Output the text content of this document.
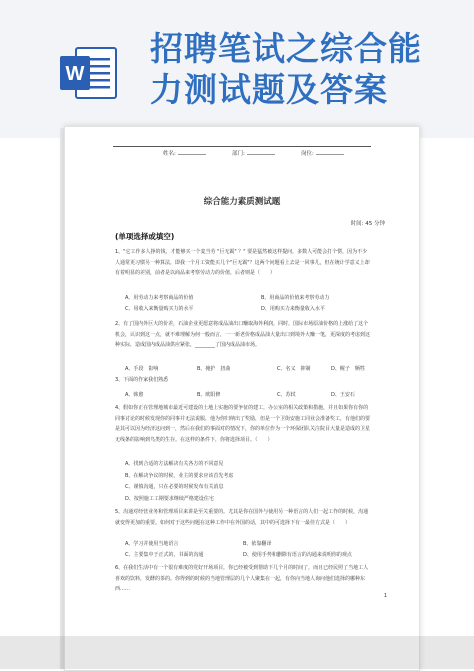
W
招聘笔试之综合能
力测试题及答案
姓名:	部门:	岗位:
综合能力素质测试题
时间: 45 分钟
(单项选择或填空)

1、"它工作多人挣的钱，才能够买一个麦当劳 "巨无霸" ？" 要是猛然被这样提问，多数人可能会打个愣，因为不少人通常更习惯另一种算法，即我一个月工资能买几个"巨无霸"？这两个问题看上去是一回事儿，但在统计学意义上却有着明显的差别，前者是以商品来考察劳动力的价值，后者则是（　　）

A、用劳动力来考察商品的价值	B、用商品的价值来考察劳动力
C、用收入来衡量购买力的水平	D、用购买力来衡量收入水平

2、有了国内外巨大的价差，石油企业更愿意将成品油出口赚取海外利润，同时，国际市场原油价格的上涨给了这个机会，认识到这一点，就不难理解为何一般而言，一一新老价格成品油大量出口到境外大赚一笔，更深度的考虑到这种实际，造成国内成品油供应紧张，________了国内成品油市场。

A、手段　影响	B、掩护　扭曲	C、名义　抑制	D、幌子　牺牲

3、下面的作家我们熟悉

A、韩愈	B、欧阳修	C、苏轼	D、王安石

4、假如你正在管理地城市最近可建设的土地上实施的要争征的建工，办公室的相关政策和措施，并且如果你有你的同事讨论的时候发现你的同事并无法说服，他为你归纳出了奖励，但是一个卫街安施工同业会准备奖工，有他们的要是其可以因为经济这问到一，然后在我们的事面对的情况下，你的单位作为一个环保团队关注院目大量是造成的卫星无线条的影响到鸟类的生存。在这样的条件下，你将选择项目。（　　）

A、找到合适的方法解决有关各方的不同意见
B、在解决争议的时候，业主的要求应该首先考虑
C、谨慎沟通，只在必要的时候发布有关消息
D、按照施工工期要求继续严格建设住宅

5、沟通对经营业务和管理项目来讲是至关重要的。尤其是你在国外与使用另一种语言的人们一起工作的时候，沟通就变得更加的重要。如何对于这些问题在这种工作中在外国的话，其中的可选择下有一最佳方式是（　　）

A、学习并使用当地语言	B、依靠翻译
C、主要集中于正式的、书面的沟通	D、使用手势和删除有语言的沟通来说明你的观点

6、在我们生活中有一个很有难度的党好开场项目，你已经被受到帮助下几个月的时间了，而且已经民照了当地工人喜欢的饮料，发酵的茶的。你得到的时候的当地管理层的几个人聚集在一起，有你向当地人询问他们选择的哪种东西……

1
